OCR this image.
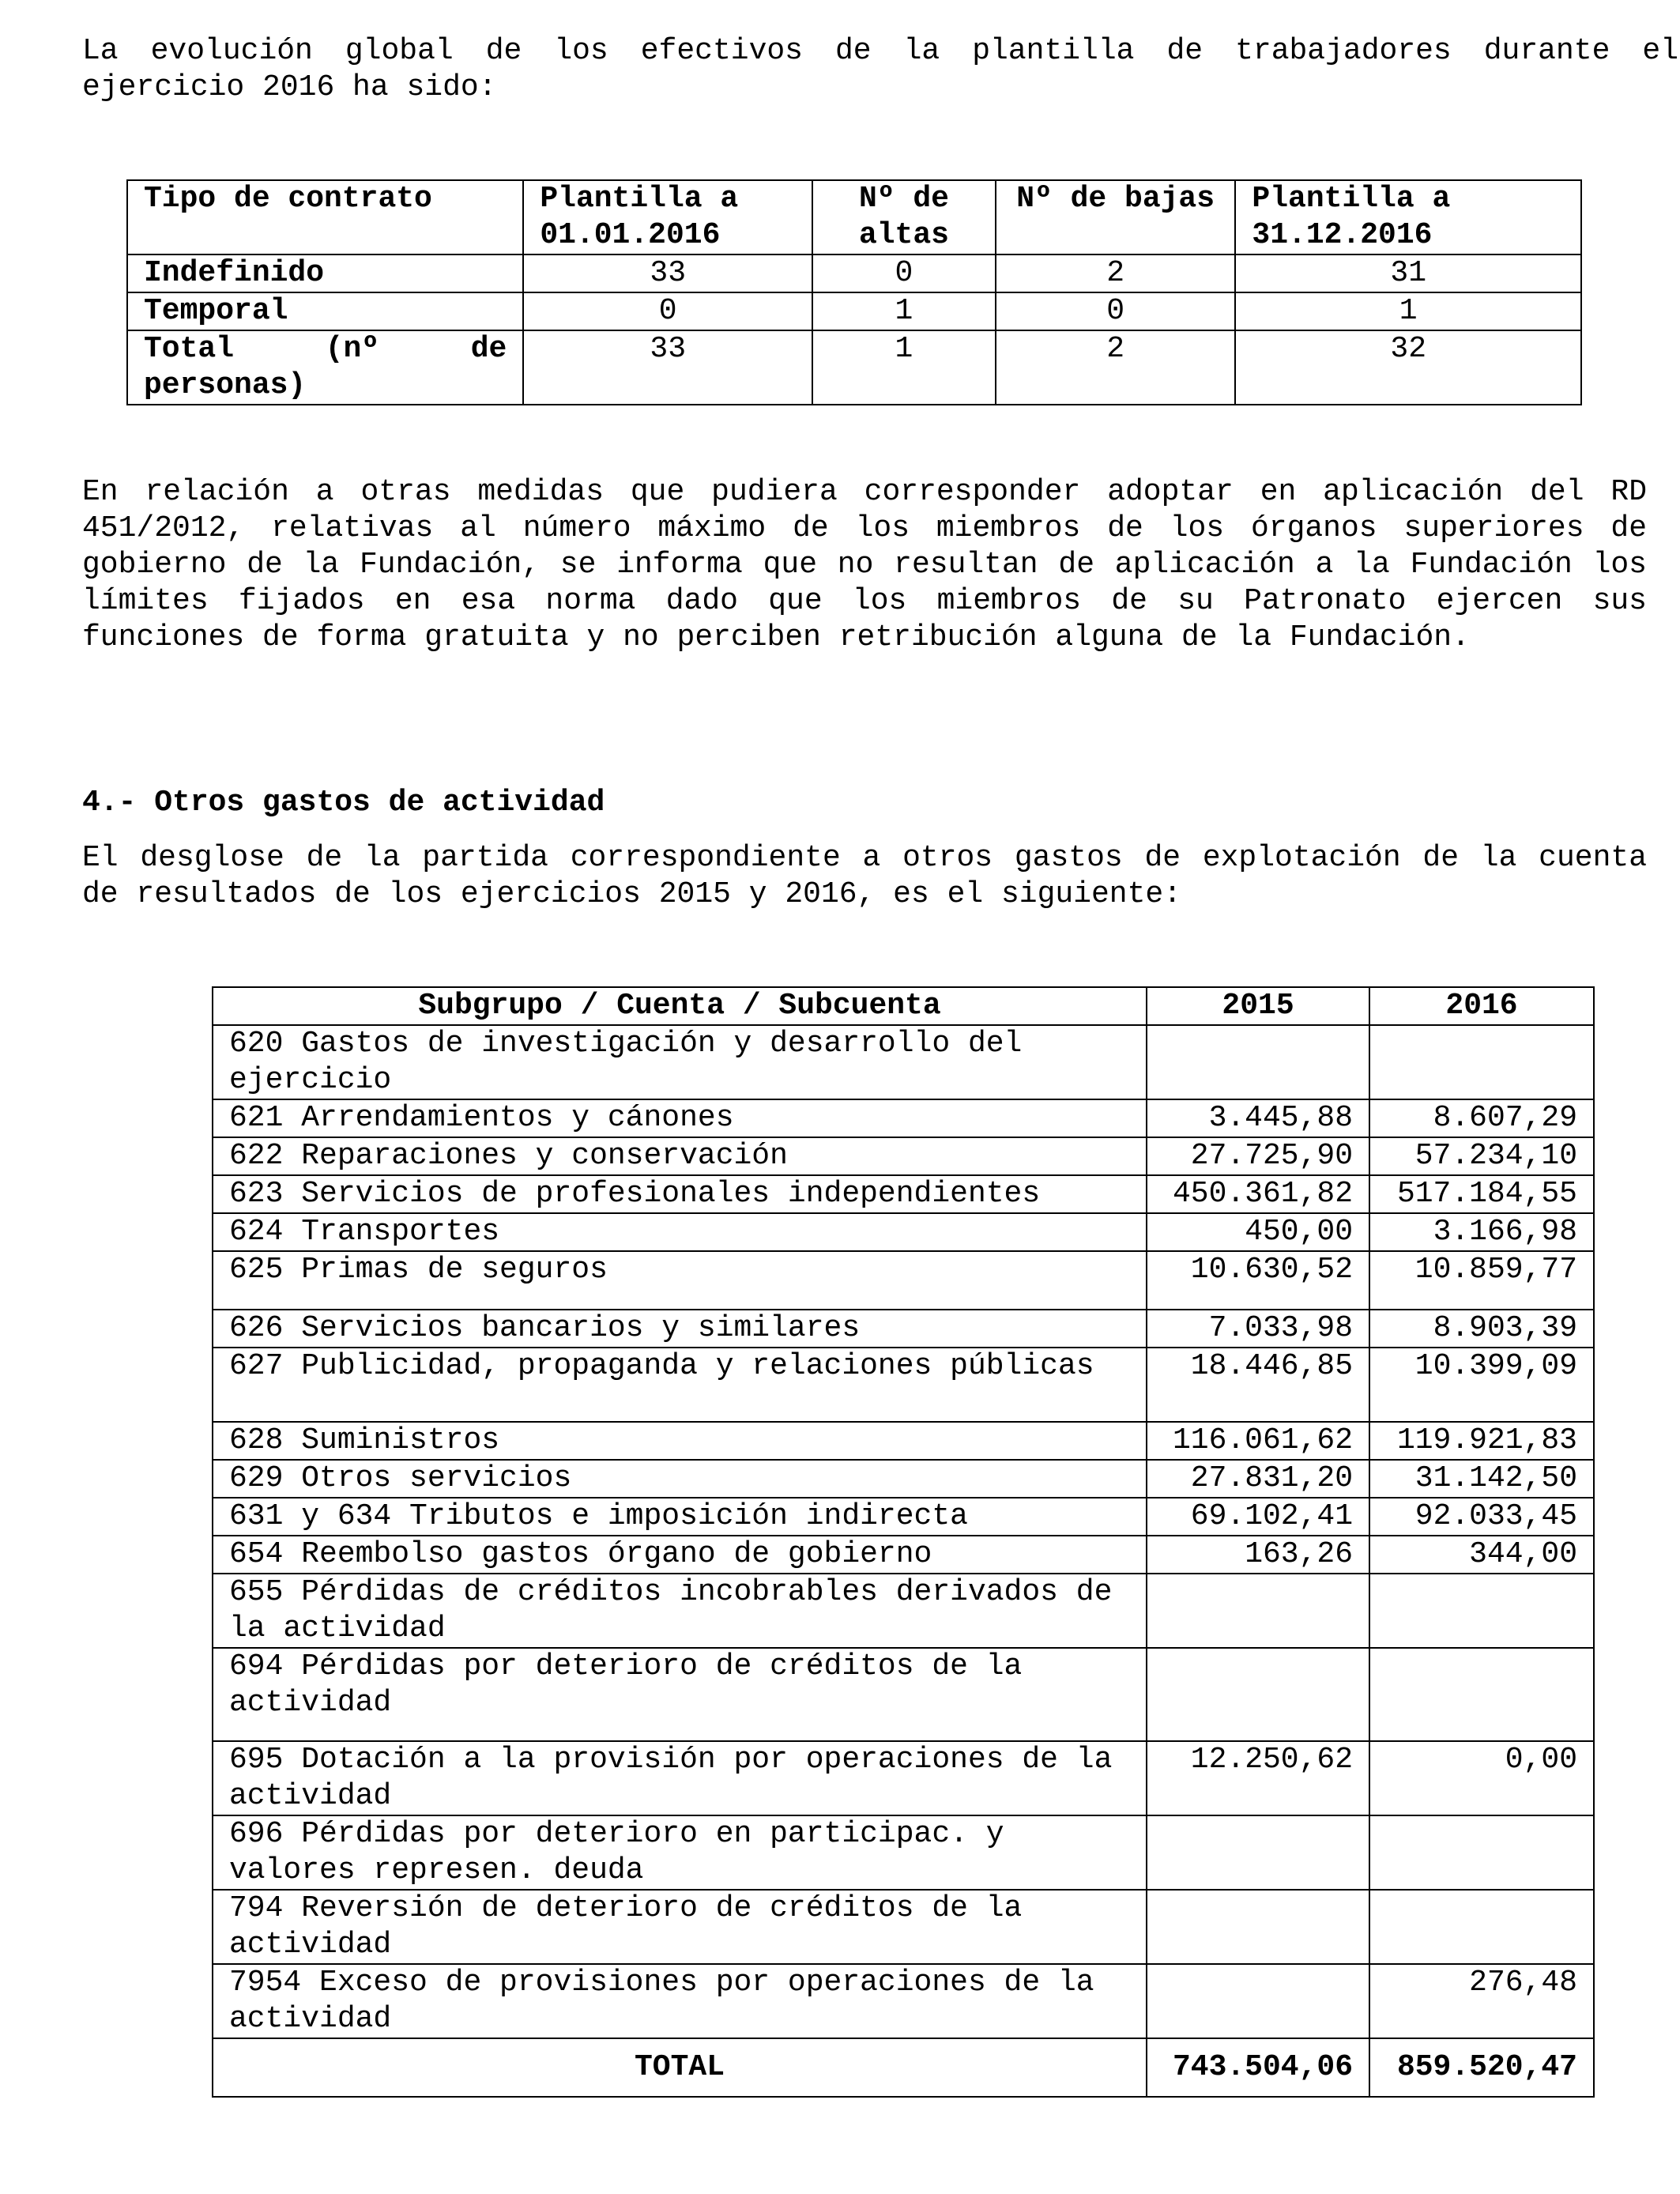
La evolución global de los efectivos de la plantilla de trabajadores durante el ejercicio 2016 ha sido:

Tipo de contrato	Plantilla a 01.01.2016	Nº de altas	Nº de bajas	Plantilla a 31.12.2016
Indefinido	33	0	2	31
Temporal	0	1	0	1
Total (nº de personas)	33	1	2	32

En relación a otras medidas que pudiera corresponder adoptar en aplicación del RD 451/2012, relativas al número máximo de los miembros de los órganos superiores de gobierno de la Fundación, se informa que no resultan de aplicación a la Fundación los límites fijados en esa norma dado que los miembros de su Patronato ejercen sus funciones de forma gratuita y no perciben retribución alguna de la Fundación.

4.- Otros gastos de actividad

El desglose de la partida correspondiente a otros gastos de explotación de la cuenta de resultados de los ejercicios 2015 y 2016, es el siguiente:

Subgrupo / Cuenta / Subcuenta	2015	2016
620 Gastos de investigación y desarrollo del ejercicio		
621 Arrendamientos y cánones	3.445,88	8.607,29
622 Reparaciones y conservación	27.725,90	57.234,10
623 Servicios de profesionales independientes	450.361,82	517.184,55
624 Transportes	450,00	3.166,98
625 Primas de seguros	10.630,52	10.859,77
626 Servicios bancarios y similares	7.033,98	8.903,39
627 Publicidad, propaganda y relaciones públicas	18.446,85	10.399,09
628 Suministros	116.061,62	119.921,83
629 Otros servicios	27.831,20	31.142,50
631 y 634 Tributos e imposición indirecta	69.102,41	92.033,45
654 Reembolso gastos órgano de gobierno	163,26	344,00
655 Pérdidas de créditos incobrables derivados de la actividad		
694 Pérdidas por deterioro de créditos de la actividad		
695 Dotación a la provisión por operaciones de la actividad	12.250,62	0,00
696 Pérdidas por deterioro en participac. y valores represen. deuda		
794 Reversión de deterioro de créditos de la actividad		
7954 Exceso de provisiones por operaciones de la actividad		276,48
TOTAL	743.504,06	859.520,47
